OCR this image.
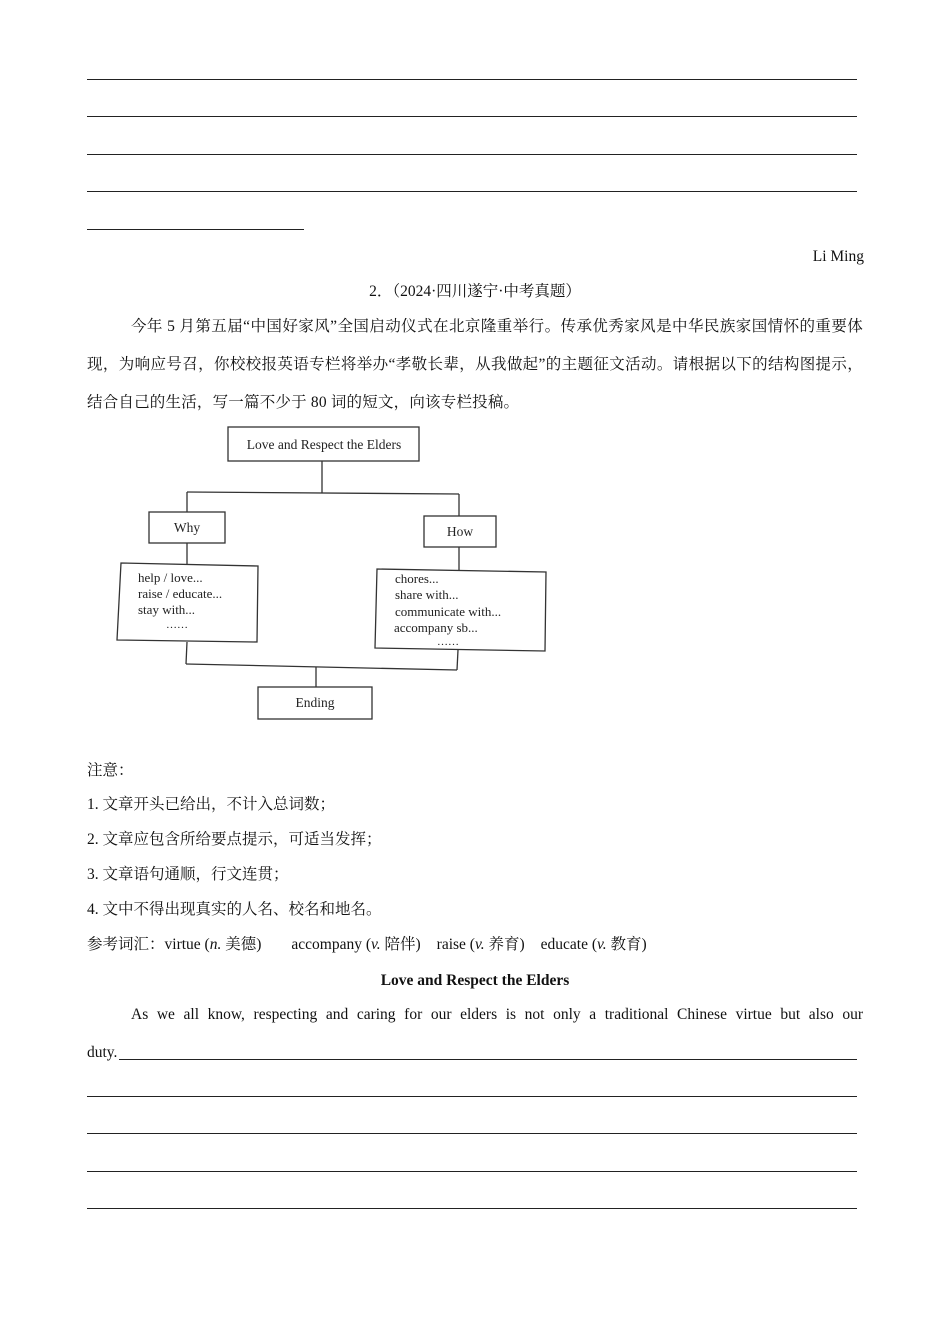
Li Ming
2．（2024·四川遂宁·中考真题）
今年 5 月第五届“中国好家风”全国启动仪式在北京隆重举行。传承优秀家风是中华民族家国情怀的重要体现，为响应号召，你校校报英语专栏将举办“孝敬长辈，从我做起”的主题征文活动。请根据以下的结构图提示，结合自己的生活，写一篇不少于 80 词的短文，向该专栏投稿。
Love and Respect the Elders
Why	How
help / love...
raise / educate...
stay with...
……
chores...
share with...
communicate with...
accompany sb...
……
Ending
注意：
1. 文章开头已给出，不计入总词数；
2. 文章应包含所给要点提示，可适当发挥；
3. 文章语句通顺，行文连贯；
4. 文中不得出现真实的人名、校名和地名。
参考词汇：virtue (n. 美德) accompany (v. 陪伴) raise (v. 养育) educate (v. 教育)
Love and Respect the Elders
As we all know, respecting and caring for our elders is not only a traditional Chinese virtue but also our
duty.
